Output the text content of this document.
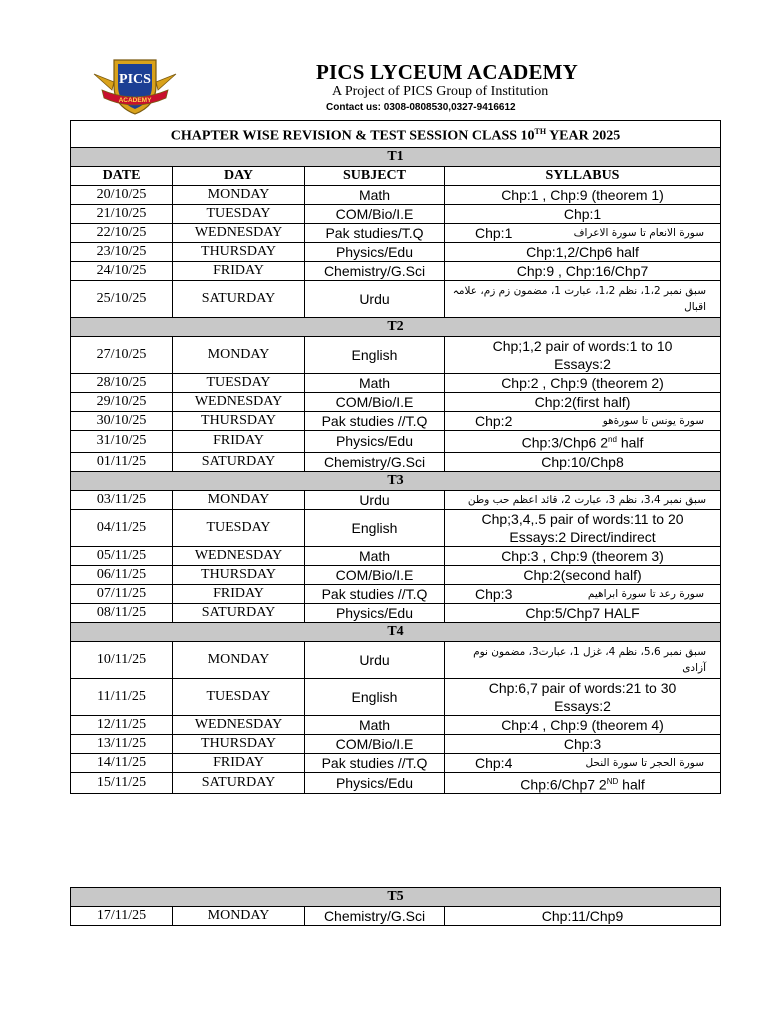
PICS
ACADEMY
PICS LYCEUM ACADEMY
A Project of PICS Group of Institution
Contact us: 0308-0808530,0327-9416612
CHAPTER WISE REVISION & TEST SESSION CLASS 10TH YEAR 2025			
T1			
DATE	DAY	SUBJECT	SYLLABUS
20/10/25	MONDAY	Math	Chp:1 , Chp:9 (theorem 1)
21/10/25	TUESDAY	COM/Bio/I.E	Chp:1
22/10/25	WEDNESDAY	Pak studies/T.Q	Chp:1 سورة الانعام تا سورة الاعراف

23/10/25	THURSDAY	Physics/Edu	Chp:1,2/Chp6 half
24/10/25	FRIDAY	Chemistry/G.Sci	Chp:9 , Chp:16/Chp7
25/10/25	SATURDAY	Urdu	سبق نمبر 1،2، نظم 1،2، عبارت 1، مضمون زم زم، علامہ اقبال

T2			
27/10/25	MONDAY	English	Chp;1,2 pair of words:1 to 10
Essays:2

28/10/25	TUESDAY	Math	Chp:2 , Chp:9 (theorem 2)
29/10/25	WEDNESDAY	COM/Bio/I.E	Chp:2(first half)
30/10/25	THURSDAY	Pak studies //T.Q	Chp:2 سورة یونس تا سورةھو

31/10/25	FRIDAY	Physics/Edu	Chp:3/Chp6 2nd half
01/11/25	SATURDAY	Chemistry/G.Sci	Chp:10/Chp8
T3			
03/11/25	MONDAY	Urdu	سبق نمبر 3،4، نظم 3، عبارت 2، قائد اعظم حب وطن

04/11/25	TUESDAY	English	Chp;3,4,.5 pair of words:11 to 20
Essays:2 Direct/indirect

05/11/25	WEDNESDAY	Math	Chp:3 , Chp:9 (theorem 3)
06/11/25	THURSDAY	COM/Bio/I.E	Chp:2(second half)
07/11/25	FRIDAY	Pak studies //T.Q	Chp:3 سورة رعد تا سورة ابراھیم

08/11/25	SATURDAY	Physics/Edu	Chp:5/Chp7 HALF
T4			
10/11/25	MONDAY	Urdu	سبق نمبر 5،6، نظم 4، غزل 1، عبارت3، مضمون نوم آزادی

11/11/25	TUESDAY	English	Chp:6,7 pair of words:21 to 30
Essays:2

12/11/25	WEDNESDAY	Math	Chp:4 , Chp:9 (theorem 4)
13/11/25	THURSDAY	COM/Bio/I.E	Chp:3
14/11/25	FRIDAY	Pak studies //T.Q	Chp:4 سورة الحجر تا سورة النحل

15/11/25	SATURDAY	Physics/Edu	Chp:6/Chp7 2ND half
T5
17/11/25	MONDAY	Chemistry/G.Sci	Chp:11/Chp9
